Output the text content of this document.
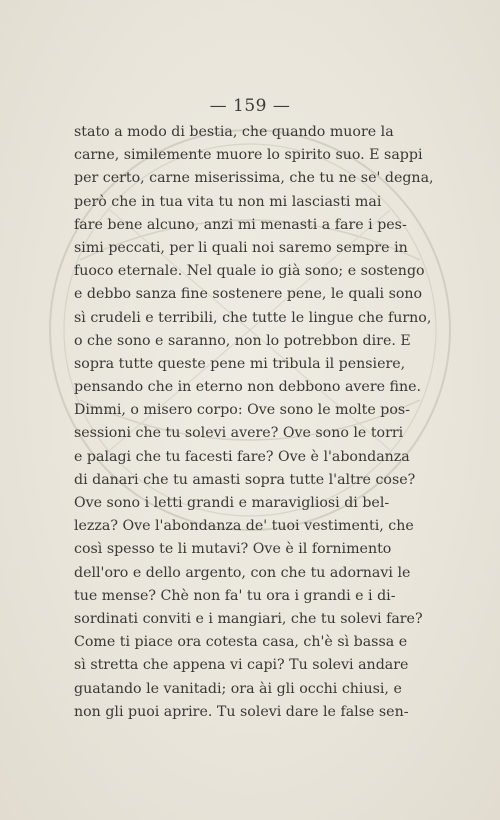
— 159 —
stato a modo di bestia, che quando muore la
carne, similemente muore lo spirito suo. E sappi
per certo, carne miserissima, che tu ne se' degna,
però che in tua vita tu non mi lasciasti mai
fare bene alcuno, anzi mi menasti a fare i pes-
simi peccati, per li quali noi saremo sempre in
fuoco eternale. Nel quale io già sono; e sostengo
e debbo sanza fine sostenere pene, le quali sono
sì crudeli e terribili, che tutte le lingue che furno,
o che sono e saranno, non lo potrebbon dire. E
sopra tutte queste pene mi tribula il pensiere,
pensando che in eterno non debbono avere fine.
Dimmi, o misero corpo: Ove sono le molte pos-
sessioni che tu solevi avere? Ove sono le torri
e palagi che tu facesti fare? Ove è l'abondanza
di danari che tu amasti sopra tutte l'altre cose?
Ove sono i letti grandi e maravigliosi di bel-
lezza? Ove l'abondanza de' tuoi vestimenti, che
così spesso te li mutavi? Ove è il fornimento
dell'oro e dello argento, con che tu adornavi le
tue mense? Chè non fa' tu ora i grandi e i di-
sordinati conviti e i mangiari, che tu solevi fare?
Come ti piace ora cotesta casa, ch'è sì bassa e
sì stretta che appena vi capi? Tu solevi andare
guatando le vanitadi; ora ài gli occhi chiusi, e
non gli puoi aprire. Tu solevi dare le false sen-
